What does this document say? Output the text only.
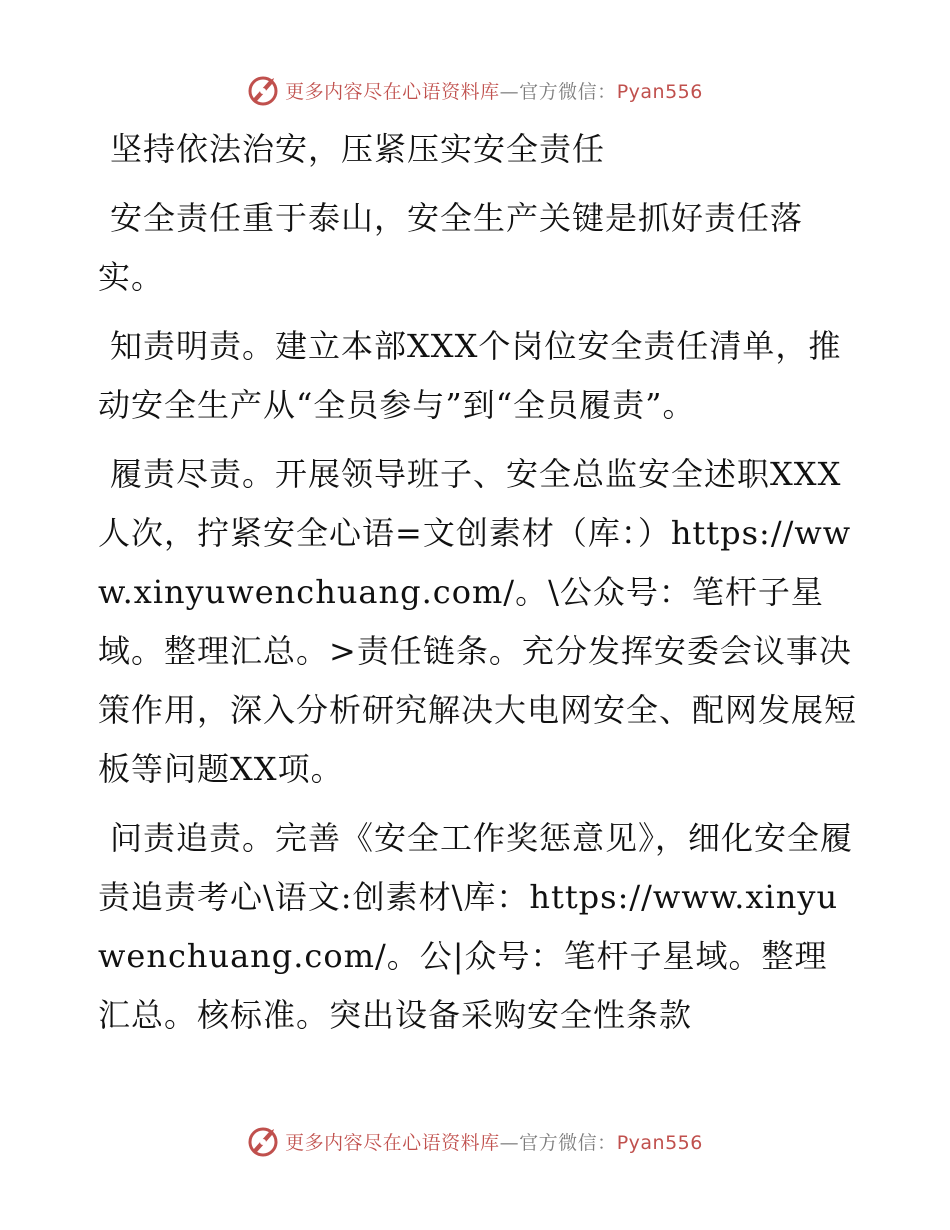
更多内容尽在心语资料库—官方微信：Pyan556

坚持依法治安，压紧压实安全责任

安全责任重于泰山，安全生产关键是抓好责任落实。

知责明责。建立本部XXX个岗位安全责任清单，推动安全生产从“全员参与”到“全员履责”。

履责尽责。开展领导班子、安全总监安全述职XXX人次，拧紧安全心语=文创素材（库：）https://www.xinyuwenchuang.com/。\公众号：笔杆子星域。整理汇总。>责任链条。充分发挥安委会议事决策作用，深入分析研究解决大电网安全、配网发展短板等问题XX项。

问责追责。完善《安全工作奖惩意见》，细化安全履责追责考心\语文:创素材\库：https://www.xinyuwenchuang.com/。公|众号：笔杆子星域。整理汇总。核标准。突出设备采购安全性条款

更多内容尽在心语资料库—官方微信：Pyan556
